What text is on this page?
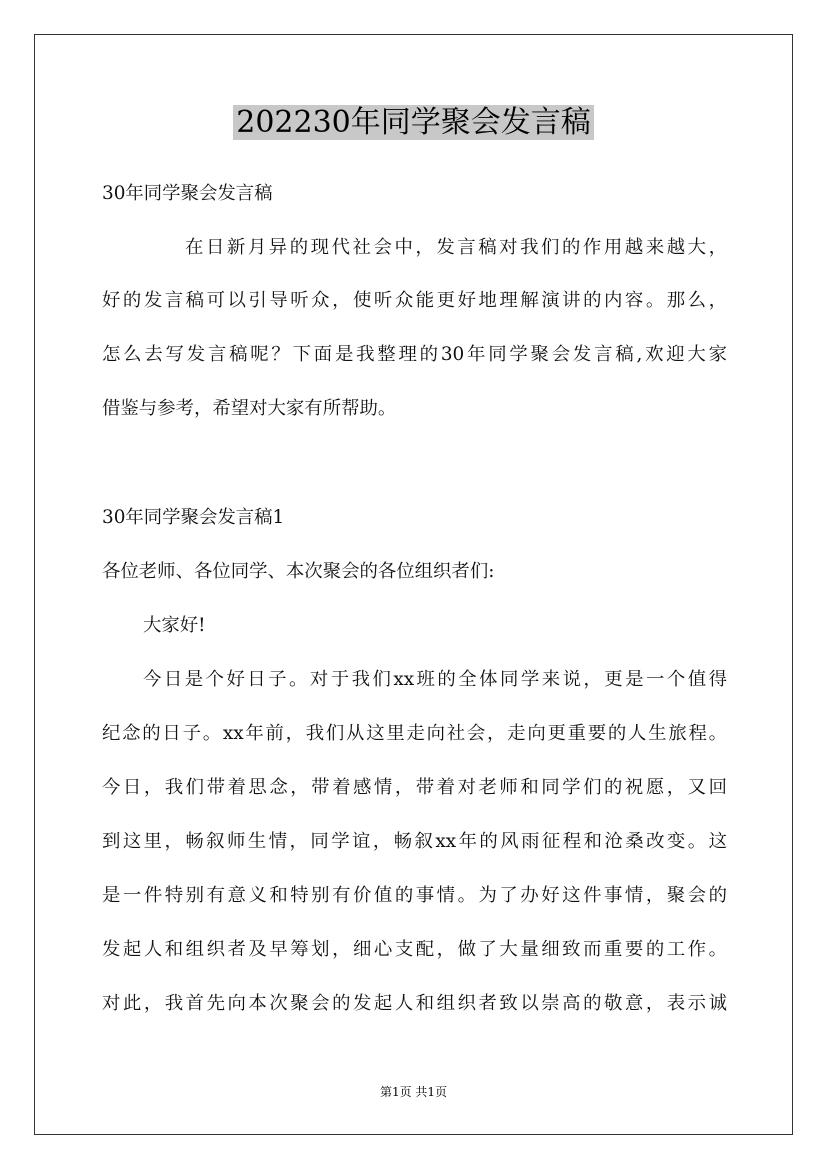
202230年同学聚会发言稿
30年同学聚会发言稿
在日新月异的现代社会中，发言稿对我们的作用越来越大，
好的发言稿可以引导听众，使听众能更好地理解演讲的内容。那么，
怎么去写发言稿呢？下面是我整理的30年同学聚会发言稿,欢迎大家
借鉴与参考，希望对大家有所帮助。
30年同学聚会发言稿1
各位老师、各位同学、本次聚会的各位组织者们:
大家好!
今日是个好日子。对于我们xx班的全体同学来说，更是一个值得
纪念的日子。xx年前，我们从这里走向社会，走向更重要的人生旅程。
今日，我们带着思念，带着感情，带着对老师和同学们的祝愿，又回
到这里，畅叙师生情，同学谊，畅叙xx年的风雨征程和沧桑改变。这
是一件特别有意义和特别有价值的事情。为了办好这件事情，聚会的
发起人和组织者及早筹划，细心支配，做了大量细致而重要的工作。
对此，我首先向本次聚会的发起人和组织者致以崇高的敬意，表示诚
第1页 共1页
